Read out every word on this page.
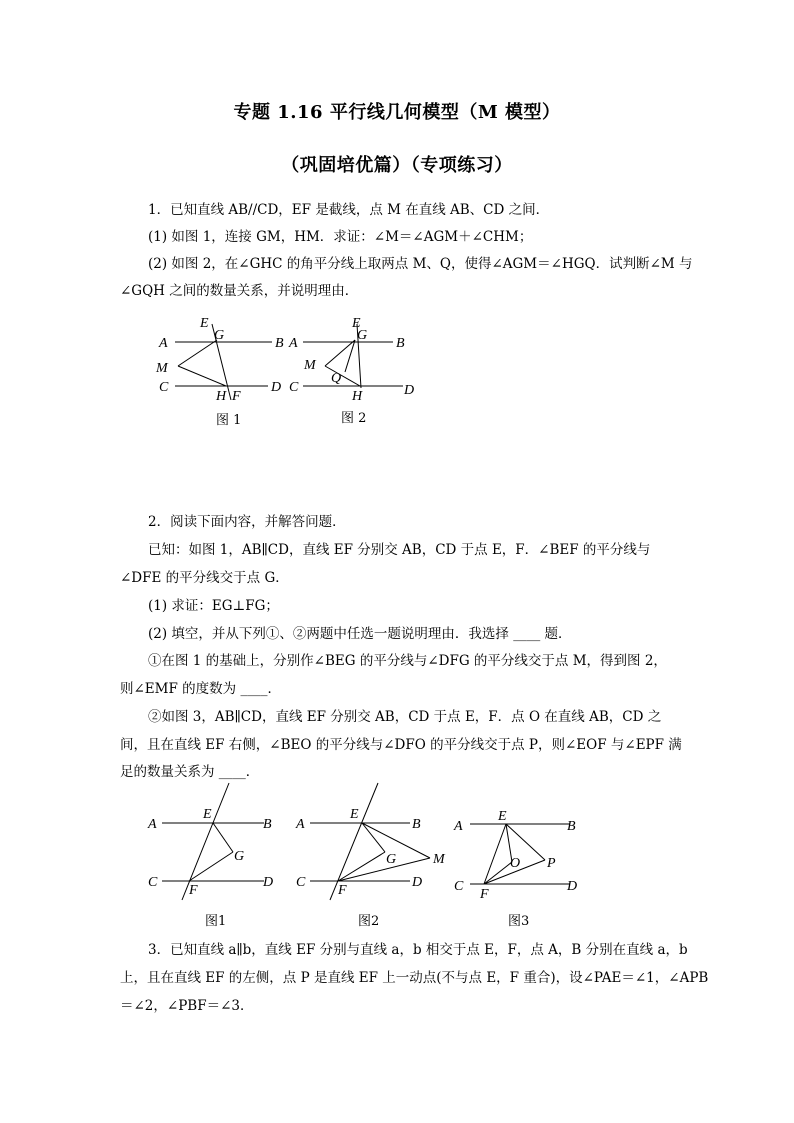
专题 1.16 平行线几何模型（M 模型）
（巩固培优篇）（专项练习）
1．已知直线 AB//CD，EF 是截线，点 M 在直线 AB、CD 之间．
(1) 如图 1，连接 GM，HM．求证：∠M＝∠AGM＋∠CHM；
(2) 如图 2，在∠GHC 的角平分线上取两点 M、Q，使得∠AGM＝∠HGQ．试判断∠M 与
∠GQH 之间的数量关系，并说明理由．
A	B
C	D
E
G
M
H F
图 1
A	B
C	D
E
G
M
Q
H
图 2
2．阅读下面内容，并解答问题．
已知：如图 1，AB∥CD，直线 EF 分别交 AB，CD 于点 E，F．∠BEF 的平分线与
∠DFE 的平分线交于点 G．
(1) 求证：EG⊥FG；
(2) 填空，并从下列①、②两题中任选一题说明理由．我选择 ____ 题．
①在图 1 的基础上，分别作∠BEG 的平分线与∠DFG 的平分线交于点 M，得到图 2，
则∠EMF 的度数为 ____．
②如图 3，AB∥CD，直线 EF 分别交 AB，CD 于点 E，F．点 O 在直线 AB，CD 之
间，且在直线 EF 右侧，∠BEO 的平分线与∠DFO 的平分线交于点 P，则∠EOF 与∠EPF 满
足的数量关系为 ____．
A	B
C	D
E
F
G
图1
A	B
C	D
E
F
G	M
图2
A	B
C	D
E
F
O P
图3
3．已知直线 a∥b，直线 EF 分别与直线 a，b 相交于点 E，F，点 A，B 分别在直线 a，b
上，且在直线 EF 的左侧，点 P 是直线 EF 上一动点(不与点 E，F 重合)，设∠PAE＝∠1，∠APB
＝∠2，∠PBF＝∠3．
